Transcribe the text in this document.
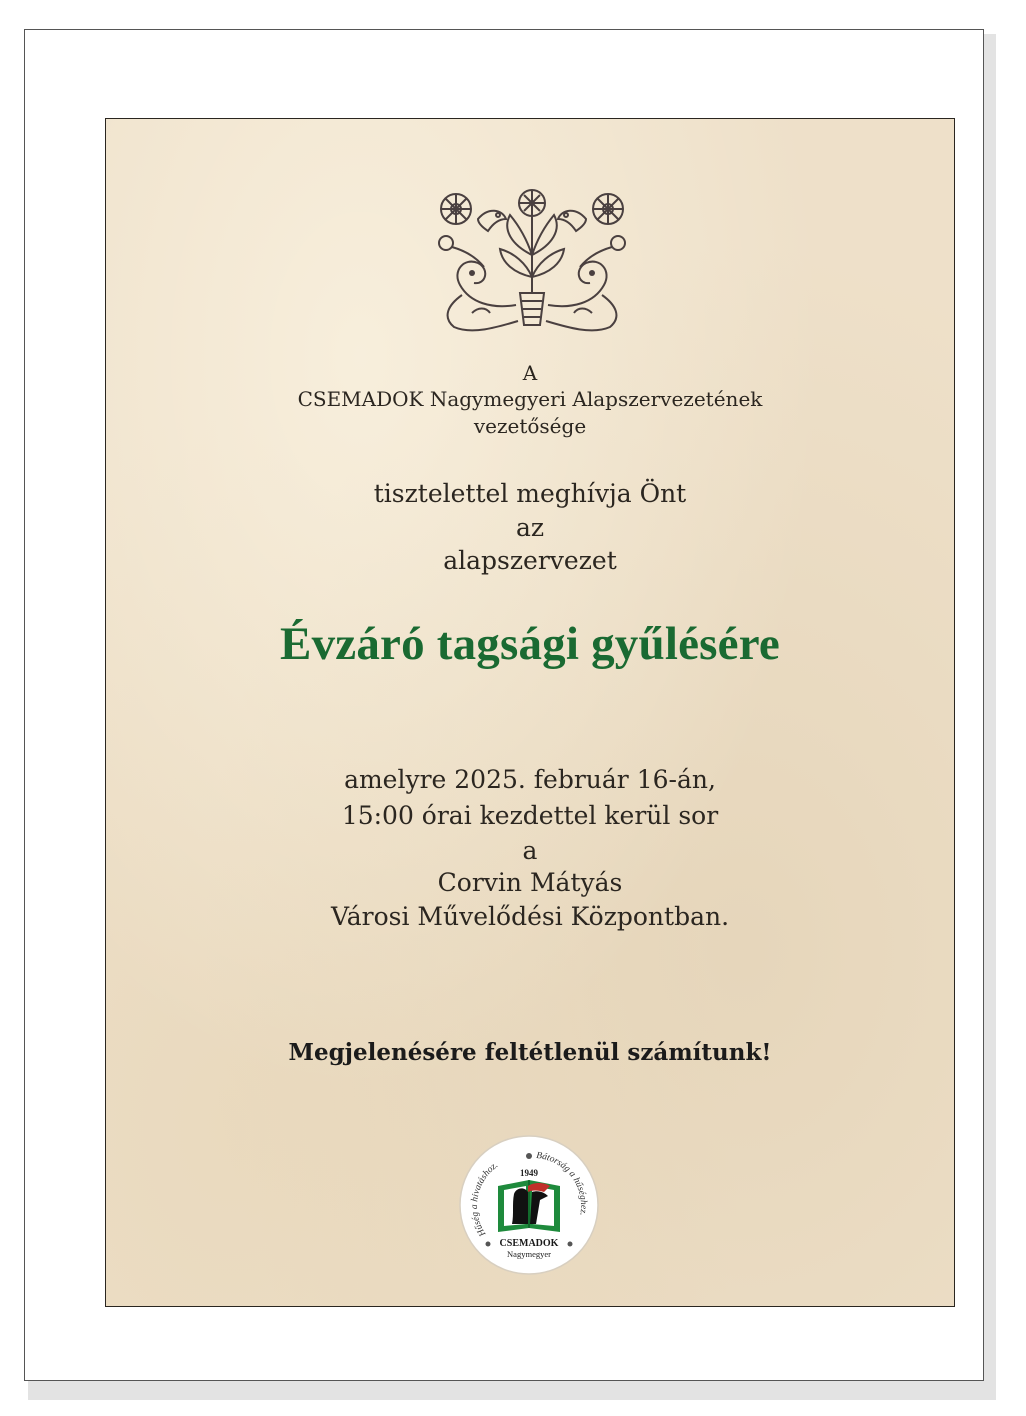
A

CSEMADOK Nagymegyeri Alapszervezetének

vezetősége

tisztelettel meghívja Önt

az

alapszervezet

Évzáró tagsági gyűlésére

amelyre 2025. február 16-án,

15:00 órai kezdettel kerül sor

a

Corvin Mátyás

Városi Művelődési Központban.

Megjelenésére feltétlenül számítunk!

Hűség a hivatáshoz.
Bátorság a hűséghez.
1949
CSEMADOK
Nagymegyer
